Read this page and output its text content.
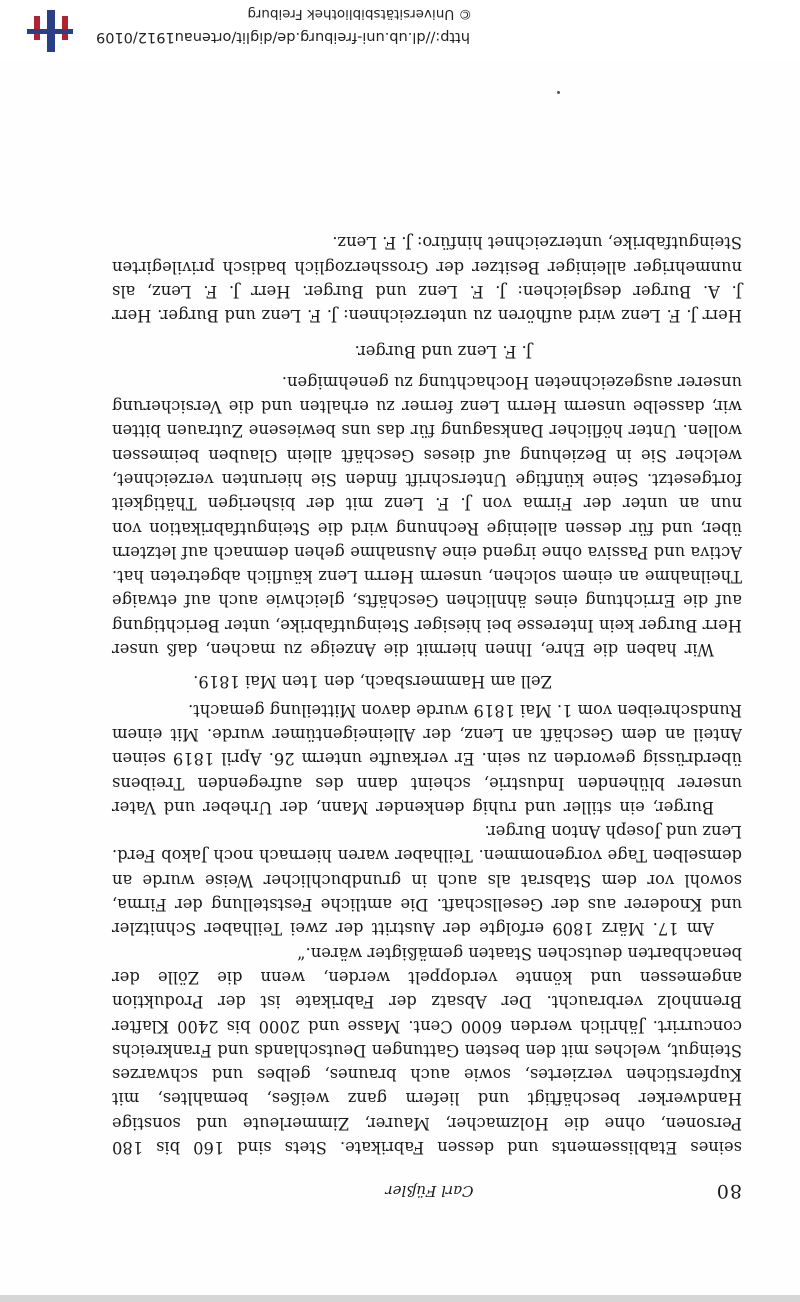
80
Carl Füßler

seines Etablissements und dessen Fabrikate. Stets sind 160 bis 180 Personen, ohne die Holzmacher, Maurer, Zimmerleute und sonstige Handwerker beschäftigt und liefern ganz weißes, bemahltes, mit Kupferstichen verziertes, sowie auch braunes, gelbes und schwarzes Steingut, welches mit den besten Gattungen Deutschlands und Frankreichs concurrirt. Jährlich werden 6000 Cent. Masse und 2000 bis 2400 Klafter Brennholz verbraucht. Der Absatz der Fabrikate ist der Produktion angemessen und könnte verdoppelt werden, wenn die Zölle der benachbarten deutschen Staaten gemäßigter wären.“

Am 17. März 1809 erfolgte der Austritt der zwei Teilhaber Schnitzler und Knoderer aus der Gesellschaft. Die amtliche Feststellung der Firma, sowohl vor dem Stabsrat als auch in grundbuchlicher Weise wurde an demselben Tage vorgenommen. Teilhaber waren hiernach noch Jakob Ferd. Lenz und Joseph Anton Burger.

Burger, ein stiller und ruhig denkender Mann, der Urheber und Vater unserer blühenden Industrie, scheint dann des aufregenden Treibens überdrüssig geworden zu sein. Er verkaufte unterm 26. April 1819 seinen Anteil an dem Geschäft an Lenz, der Alleineigentümer wurde. Mit einem Rundschreiben vom 1. Mai 1819 wurde davon Mitteilung gemacht.

Zell am Hammersbach, den 1ten Mai 1819.

Wir haben die Ehre, Ihnen hiermit die Anzeige zu machen, daß unser Herr Burger kein Interesse bei hiesiger Steingutfabrike, unter Berichtigung auf die Errichtung eines ähnlichen Geschäfts, gleichwie auch auf etwaige Theilnahme an einem solchen, unserm Herrn Lenz käuflich abgetreten hat. Activa und Passiva ohne irgend eine Ausnahme gehen demnach auf letztern über, und für dessen alleinige Rechnung wird die Steingutfabrikation von nun an unter der Firma von J. F. Lenz mit der bisherigen Thätigkeit fortgesetzt. Seine künftige Unterschrift finden Sie hierunten verzeichnet, welcher Sie in Beziehung auf dieses Geschäft allein Glauben beimessen wollen. Unter höflicher Danksagung für das uns bewiesene Zutrauen bitten wir, dasselbe unserm Herrn Lenz ferner zu erhalten und die Versicherung unserer ausgezeichneten Hochachtung zu genehmigen.

J. F. Lenz und Burger.

Herr J. F. Lenz wird aufhören zu unterzeichnen: J. F. Lenz und Burger. Herr J. A. Burger desgleichen: J. F. Lenz und Burger. Herr J. F. Lenz, als nunmehriger alleiniger Besitzer der Grossherzoglich badisch privilegirten Steingutfabrike, unterzeichnet hinfüro: J. F. Lenz.

http://dl.ub.uni-freiburg.de/diglit/ortenau1912/0109
© Universitätsbibliothek Freiburg
